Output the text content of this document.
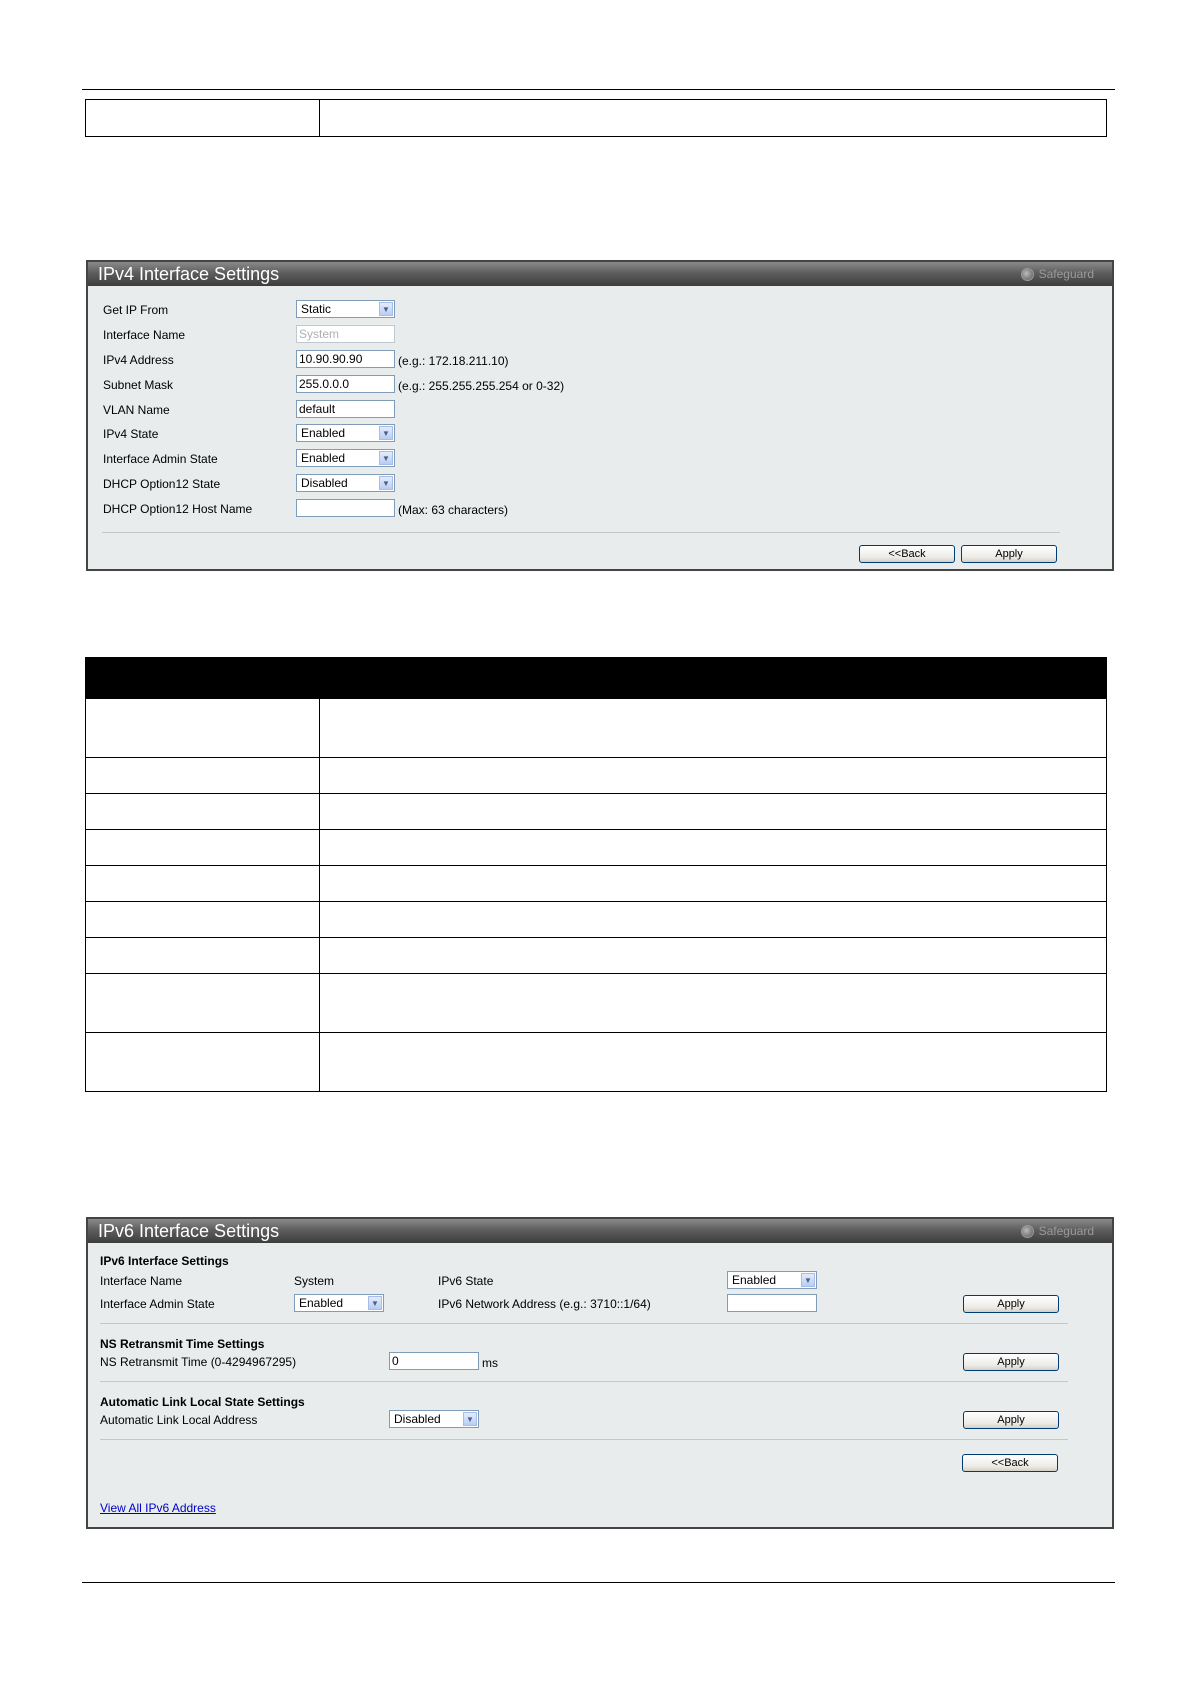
IPv4 Interface Settings	Safeguard
Get IP From	Static	▼
Interface Name	System
IPv4 Address	10.90.90.90	(e.g.: 172.18.211.10)
Subnet Mask	255.0.0.0	(e.g.: 255.255.255.254 or 0-32)
VLAN Name	default
IPv4 State	Enabled	▼
Interface Admin State	Enabled	▼
DHCP Option12 State	Disabled	▼
DHCP Option12 Host Name	(Max: 63 characters)
<<Back	Apply

IPv6 Interface Settings	Safeguard
IPv6 Interface Settings
Interface Name	System	IPv6 State	Enabled	▼
Interface Admin State	Enabled	▼	IPv6 Network Address (e.g.: 3710::1/64)	Apply
NS Retransmit Time Settings
NS Retransmit Time (0-4294967295)	0	ms	Apply
Automatic Link Local State Settings
Automatic Link Local Address	Disabled	▼	Apply
<<Back
View All IPv6 Address
